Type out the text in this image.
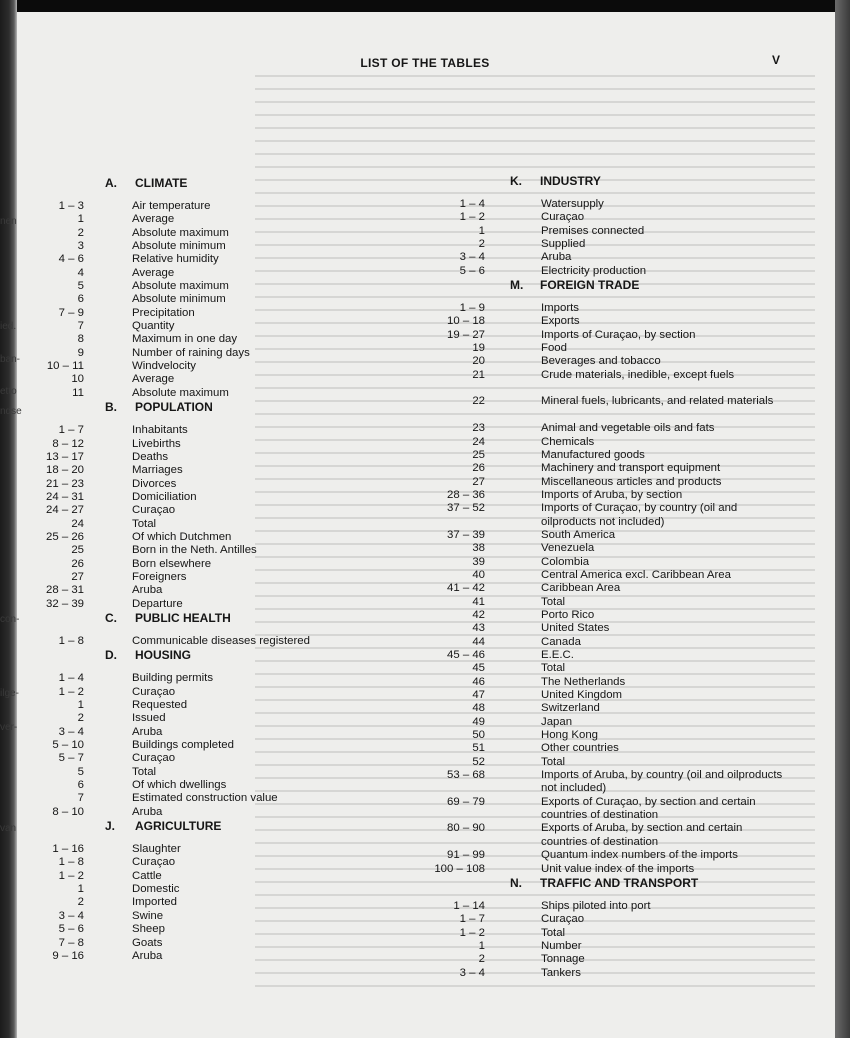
LIST OF THE TABLES	V
nen
ied.
ban-
etto
ndse
con-
ilge-
ver-
van
A. CLIMATE
1 – 3	Air temperature
1	Average
2	Absolute maximum
3	Absolute minimum
4 – 6	Relative humidity
4	Average
5	Absolute maximum
6	Absolute minimum
7 – 9	Precipitation
7	Quantity
8	Maximum in one day
9	Number of raining days
10 – 11	Windvelocity
10	Average
11	Absolute maximum
B. POPULATION
1 – 7	Inhabitants
8 – 12	Livebirths
13 – 17	Deaths
18 – 20	Marriages
21 – 23	Divorces
24 – 31	Domiciliation
24 – 27	Curaçao
24	Total
25 – 26	Of which Dutchmen
25	Born in the Neth. Antilles
26	Born elsewhere
27	Foreigners
28 – 31	Aruba
32 – 39	Departure
C. PUBLIC HEALTH
1 – 8	Communicable diseases registered
D. HOUSING
1 – 4	Building permits
1 – 2	Curaçao
1	Requested
2	Issued
3 – 4	Aruba
5 – 10	Buildings completed
5 – 7	Curaçao
5	Total
6	Of which dwellings
7	Estimated construction value
8 – 10	Aruba
J. AGRICULTURE
1 – 16	Slaughter
1 – 8	Curaçao
1 – 2	Cattle
1	Domestic
2	Imported
3 – 4	Swine
5 – 6	Sheep
7 – 8	Goats
9 – 16	Aruba
K. INDUSTRY
1 – 4	Watersupply
1 – 2	Curaçao
1	Premises connected
2	Supplied
3 – 4	Aruba
5 – 6	Electricity production
M. FOREIGN TRADE
1 – 9	Imports
10 – 18	Exports
19 – 27	Imports of Curaçao, by section
19	Food
20	Beverages and tobacco
21	Crude materials, inedible, except fuels
22	Mineral fuels, lubricants, and related materials
23	Animal and vegetable oils and fats
24	Chemicals
25	Manufactured goods
26	Machinery and transport equipment
27	Miscellaneous articles and products
28 – 36	Imports of Aruba, by section
37 – 52	Imports of Curaçao, by country (oil and oilproducts not included)
37 – 39	South America
38	Venezuela
39	Colombia
40	Central America excl. Caribbean Area
41 – 42	Caribbean Area
41	Total
42	Porto Rico
43	United States
44	Canada
45 – 46	E.E.C.
45	Total
46	The Netherlands
47	United Kingdom
48	Switzerland
49	Japan
50	Hong Kong
51	Other countries
52	Total
53 – 68	Imports of Aruba, by country (oil and oilproducts not included)
69 – 79	Exports of Curaçao, by section and certain countries of destination
80 – 90	Exports of Aruba, by section and certain countries of destination
91 – 99	Quantum index numbers of the imports
100 – 108	Unit value index of the imports
N. TRAFFIC AND TRANSPORT
1 – 14	Ships piloted into port
1 – 7	Curaçao
1 – 2	Total
1	Number
2	Tonnage
3 – 4	Tankers
